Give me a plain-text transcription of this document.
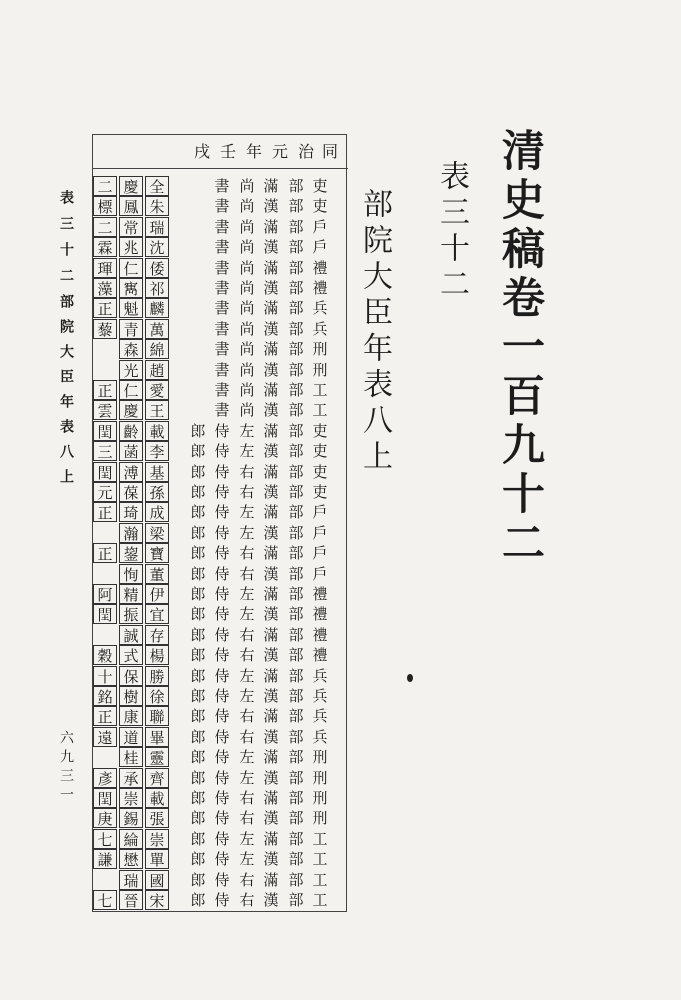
清史稿卷一百九十二
表三十二
部院大臣年表八上
表三十二
部院大臣年表八上
六九三一
同
治
元
年
壬
戌
吏
部
滿
尚
書
全
慶
二
吏
部
漢
尚
書
朱
鳳
標
戶
部
滿
尚
書
瑞
常
二
戶
部
漢
尚
書
沈
兆
霖
禮
部
滿
尚
書
倭
仁
琿
禮
部
漢
尚
書
祁
寯
藻
兵
部
滿
尚
書
麟
魁
正
兵
部
漢
尚
書
萬
青
藜
刑
部
滿
尚
書
綿
森
刑
部
漢
尚
書
趙
光
工
部
滿
尚
書
愛
仁
正
工
部
漢
尚
書
王
慶
雲
吏
部
滿
左
侍
郎
載
齡
閏
吏
部
漢
左
侍
郎
李
菡
三
吏
部
滿
右
侍
郎
基
溥
閏
吏
部
漢
右
侍
郎
孫
葆
元
戶
部
滿
左
侍
郎
成
琦
正
戶
部
漢
左
侍
郎
梁
瀚
戶
部
滿
右
侍
郎
寶
鋆
正
戶
部
漢
右
侍
郎
董
恂
禮
部
滿
左
侍
郎
伊
精
阿
禮
部
漢
左
侍
郎
宜
振
閏
禮
部
滿
右
侍
郎
存
誠
禮
部
漢
右
侍
郎
楊
式
穀
兵
部
滿
左
侍
郎
勝
保
十
兵
部
漢
左
侍
郎
徐
樹
銘
兵
部
滿
右
侍
郎
聯
康
正
兵
部
漢
右
侍
郎
畢
道
遠
刑
部
滿
左
侍
郎
靈
桂
刑
部
漢
左
侍
郎
齊
承
彥
刑
部
滿
右
侍
郎
載
崇
閏
刑
部
漢
右
侍
郎
張
錫
庚
工
部
滿
左
侍
郎
崇
綸
七
工
部
漢
左
侍
郎
單
懋
謙
工
部
滿
右
侍
郎
國
瑞
工
部
漢
右
侍
郎
宋
晉
七
